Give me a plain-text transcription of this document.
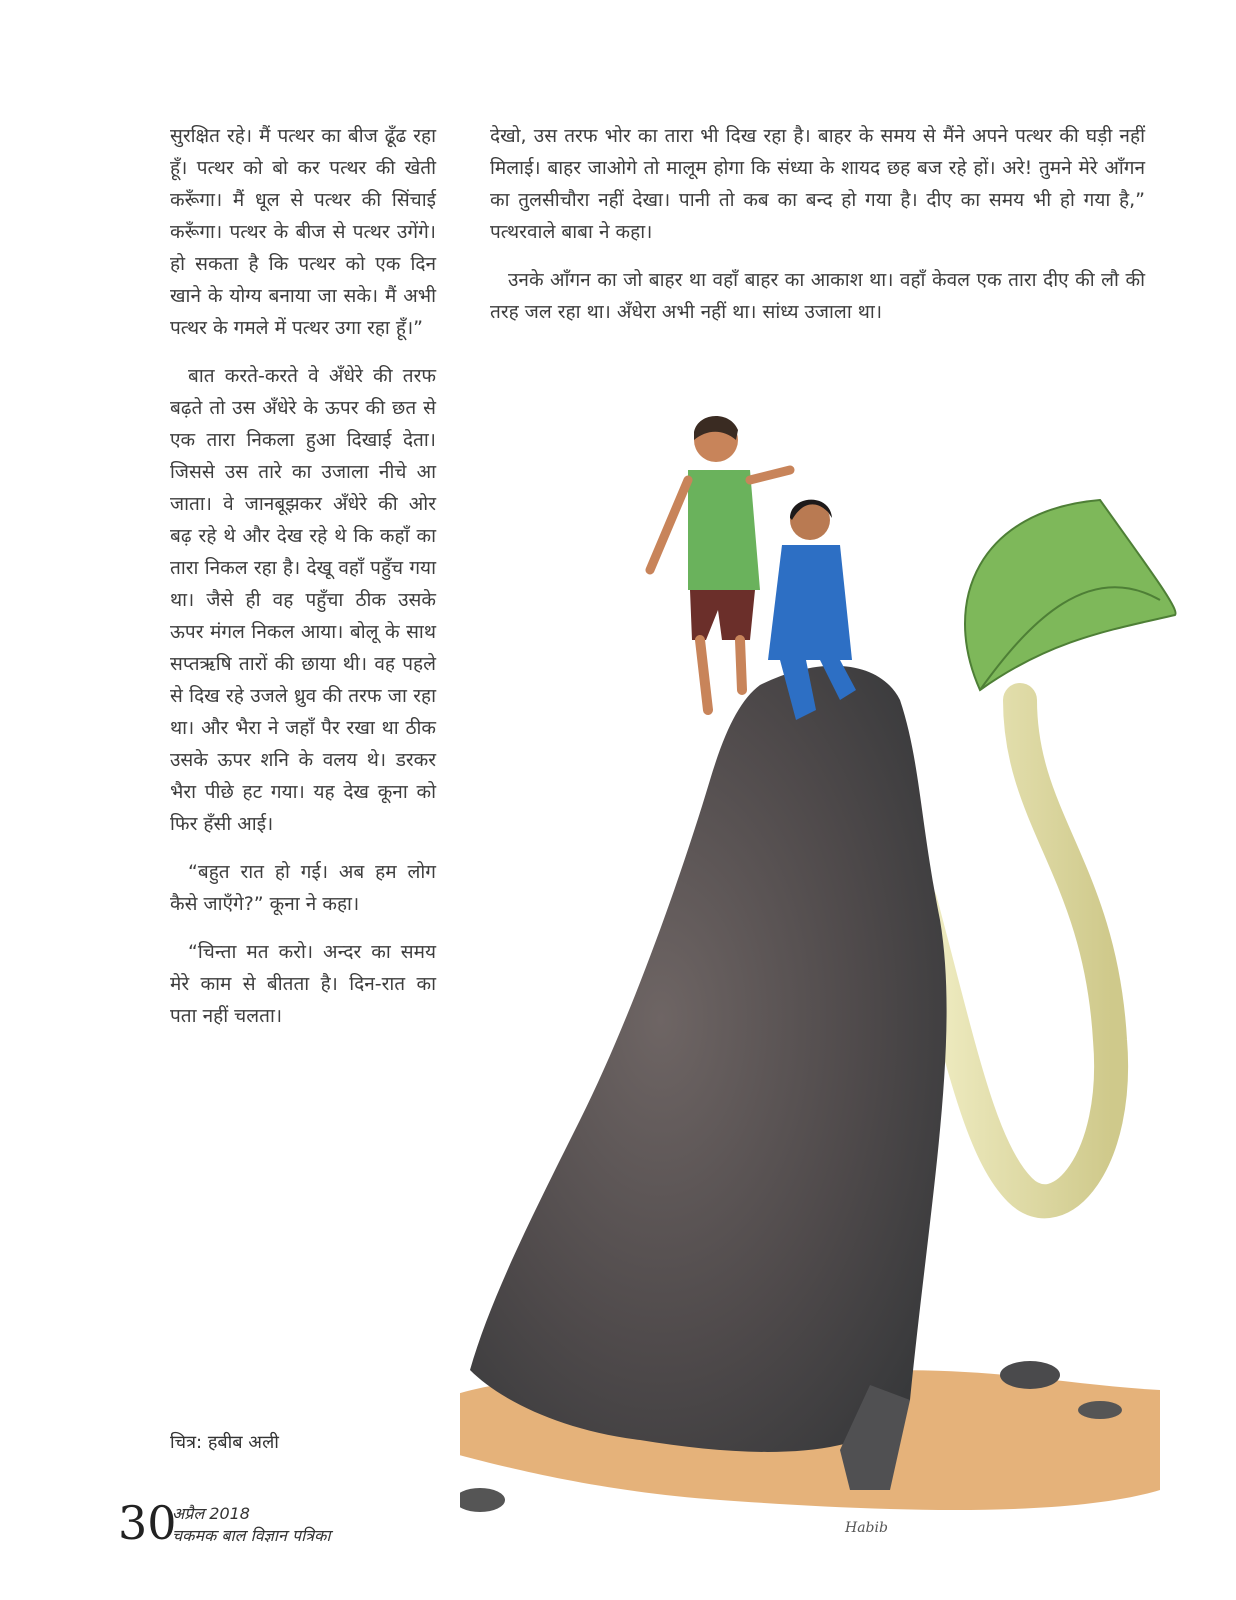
सुरक्षित रहे। मैं पत्थर का बीज ढूँढ रहा हूँ। पत्थर को बो कर पत्थर की खेती करूँगा। मैं धूल से पत्थर की सिंचाई करूँगा। पत्थर के बीज से पत्थर उगेंगे। हो सकता है कि पत्थर को एक दिन खाने के योग्य बनाया जा सके। मैं अभी पत्थर के गमले में पत्थर उगा रहा हूँ।”

बात करते-करते वे अँधेरे की तरफ बढ़ते तो उस अँधेरे के ऊपर की छत से एक तारा निकला हुआ दिखाई देता। जिससे उस तारे का उजाला नीचे आ जाता। वे जानबूझकर अँधेरे की ओर बढ़ रहे थे और देख रहे थे कि कहाँ का तारा निकल रहा है। देखू वहाँ पहुँच गया था। जैसे ही वह पहुँचा ठीक उसके ऊपर मंगल निकल आया। बोलू के साथ सप्तऋषि तारों की छाया थी। वह पहले से दिख रहे उजले ध्रुव की तरफ जा रहा था। और भैरा ने जहाँ पैर रखा था ठीक उसके ऊपर शनि के वलय थे। डरकर भैरा पीछे हट गया। यह देख कूना को फिर हँसी आई।

“बहुत रात हो गई। अब हम लोग कैसे जाएँगे?” कूना ने कहा।

“चिन्ता मत करो। अन्दर का समय मेरे काम से बीतता है। दिन-रात का पता नहीं चलता।

देखो, उस तरफ भोर का तारा भी दिख रहा है। बाहर के समय से मैंने अपने पत्थर की घड़ी नहीं मिलाई। बाहर जाओगे तो मालूम होगा कि संध्या के शायद छह बज रहे हों। अरे! तुमने मेरे आँगन का तुलसीचौरा नहीं देखा। पानी तो कब का बन्द हो गया है। दीए का समय भी हो गया है,” पत्थरवाले बाबा ने कहा।

उनके आँगन का जो बाहर था वहाँ बाहर का आकाश था। वहाँ केवल एक तारा दीए की लौ की तरह जल रहा था। अँधेरा अभी नहीं था। सांध्य उजाला था।

Habib
चित्र: हबीब अली
30
अप्रैल 2018
चकमक बाल विज्ञान पत्रिका
